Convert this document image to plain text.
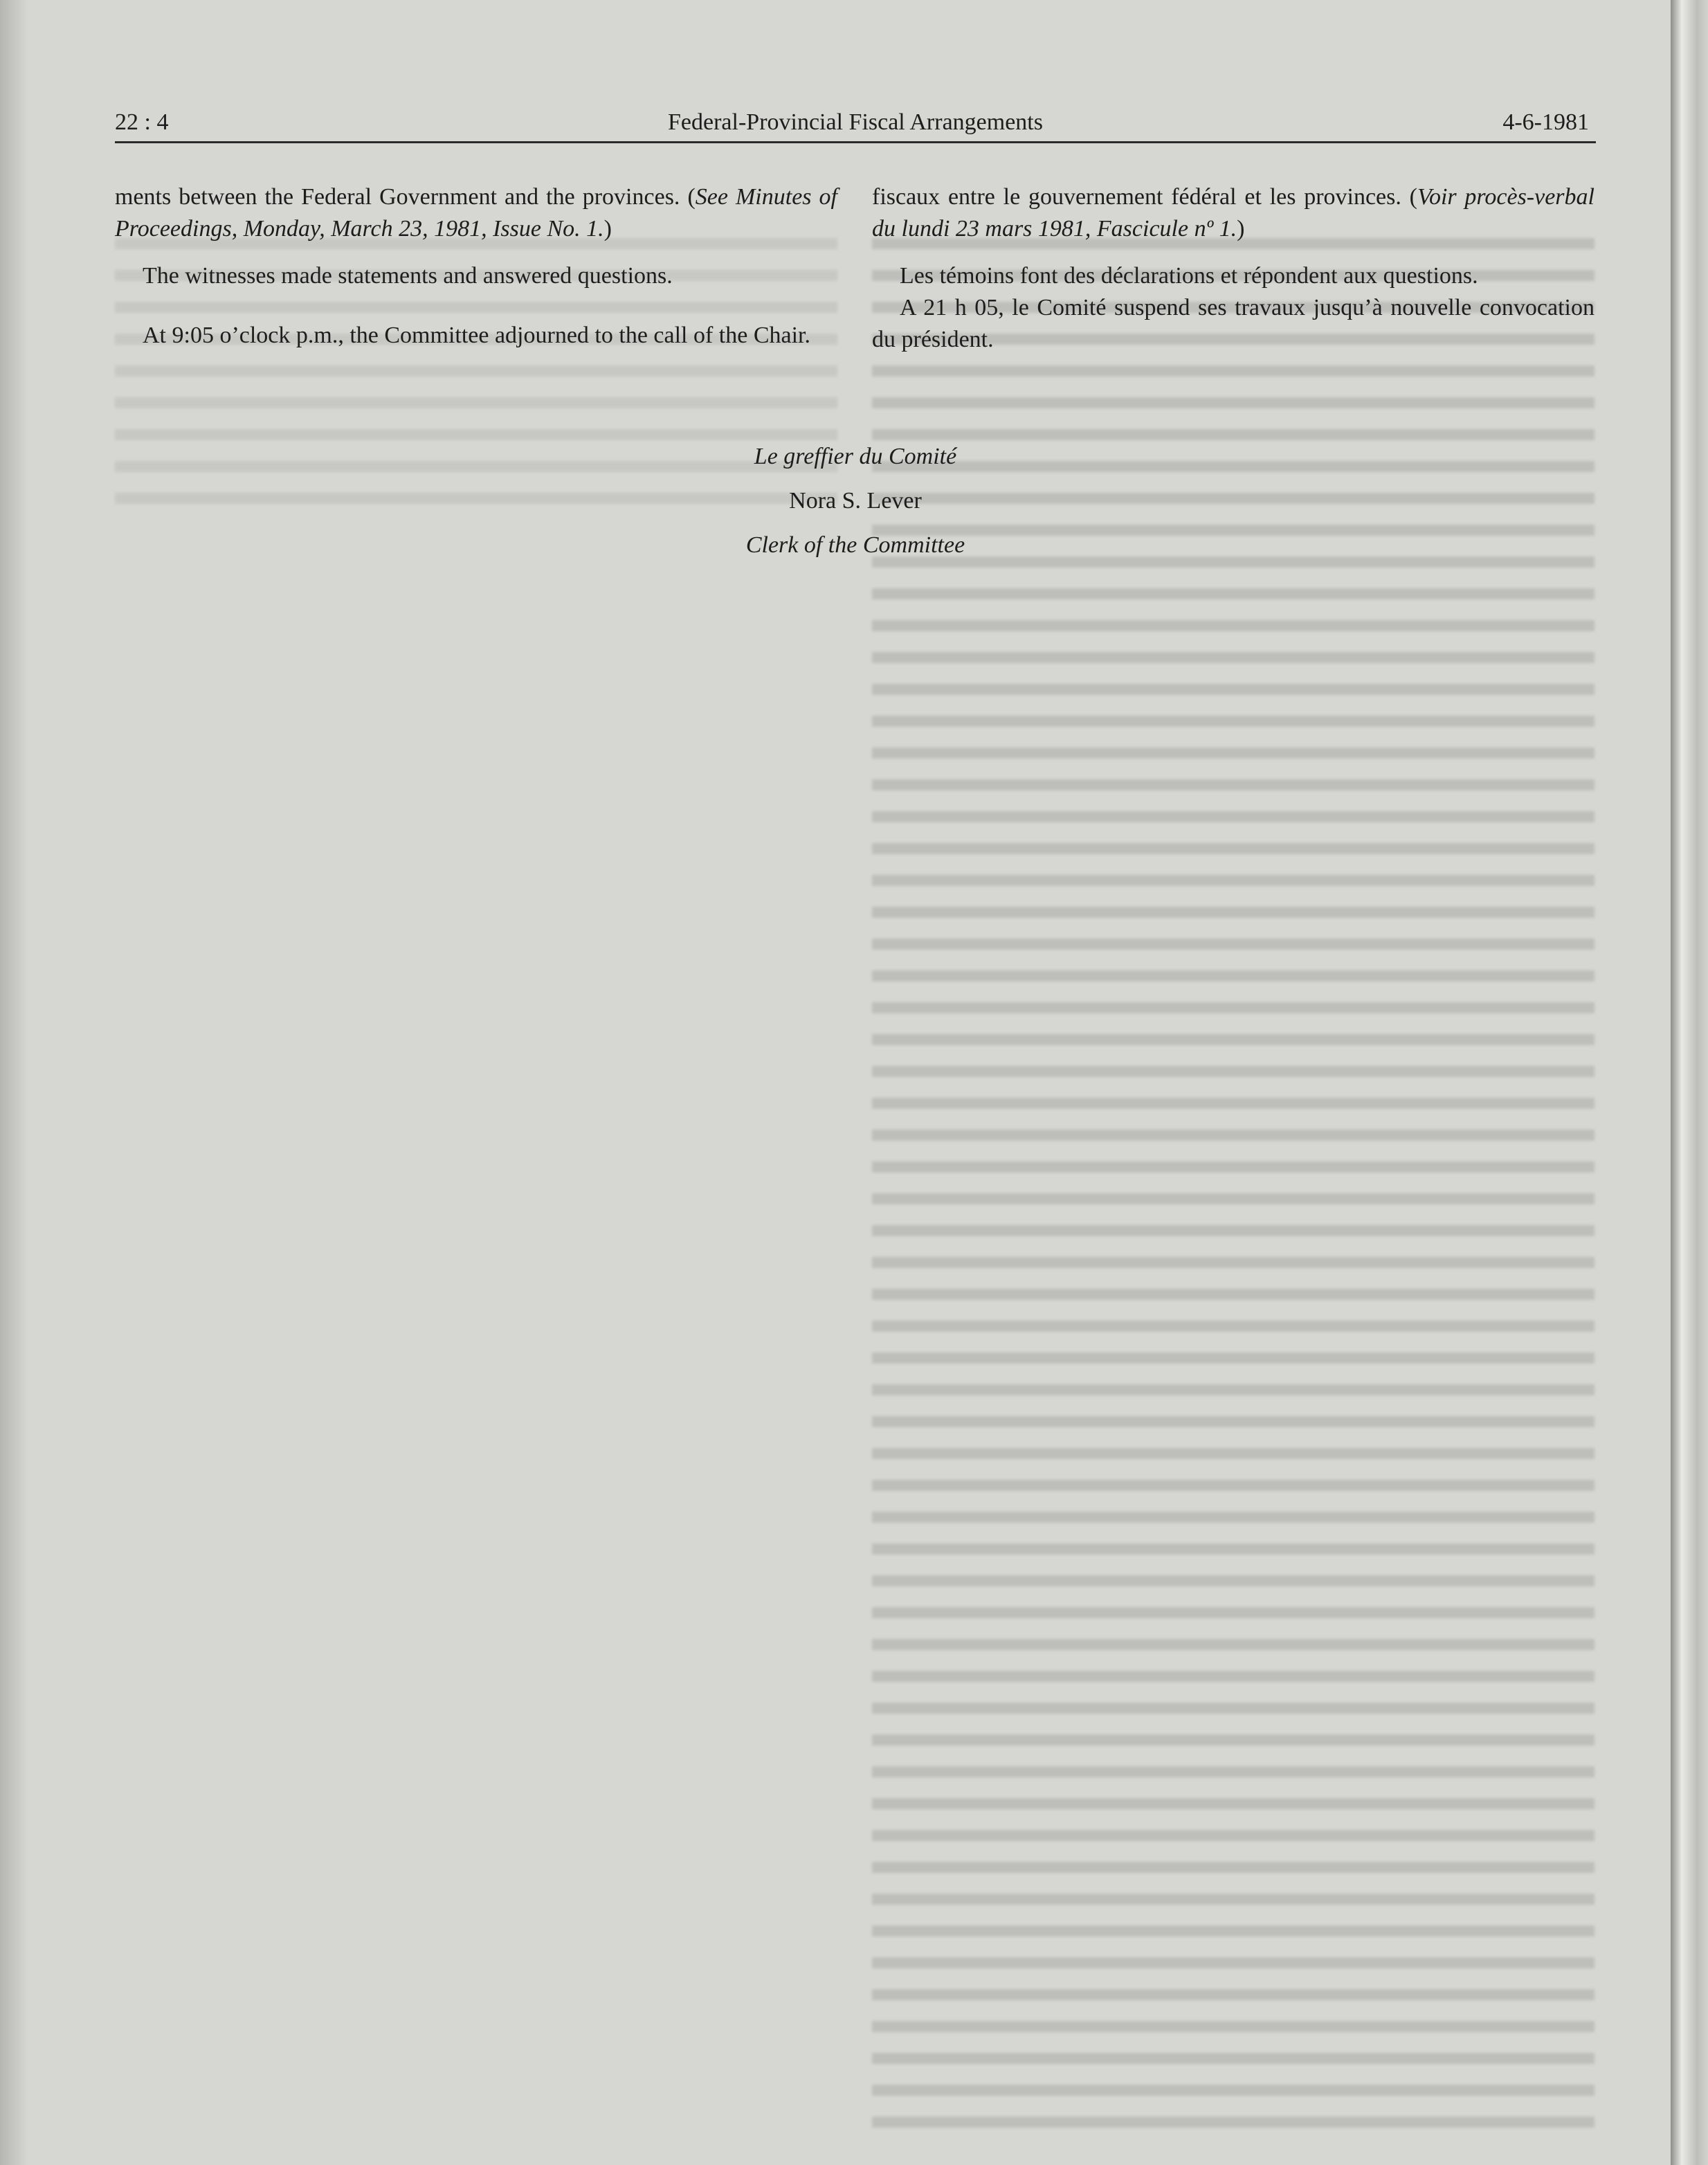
22 : 4	Federal-Provincial Fiscal Arrangements	4-6-1981

ments between the Federal Government and the provinces. (See Minutes of Proceedings, Monday, March 23, 1981, Issue No. 1.)

The witnesses made statements and answered questions.

At 9:05 o’clock p.m., the Committee adjourned to the call of the Chair.

fiscaux entre le gouvernement fédéral et les provinces. (Voir procès-verbal du lundi 23 mars 1981, Fascicule nº 1.)

Les témoins font des déclarations et répondent aux questions.

A 21 h 05, le Comité suspend ses travaux jusqu’à nouvelle convocation du président.

Le greffier du Comité
Nora S. Lever
Clerk of the Committee
